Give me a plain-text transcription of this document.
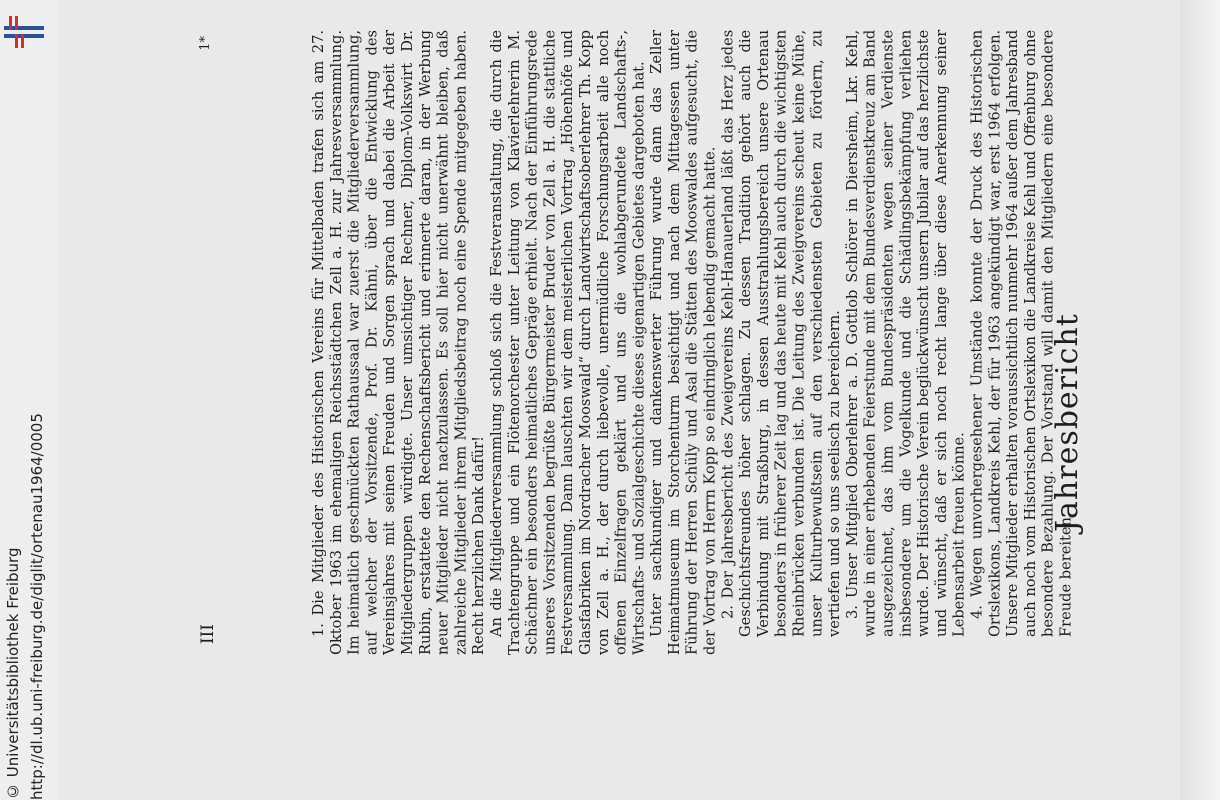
http://dl.ub.uni-freiburg.de/diglit/ortenau1964/0005
© Universitätsbibliothek Freiburg
Jahresbericht

1. Die Mitglieder des Historischen Vereins für Mittelbaden trafen sich am 27. Oktober 1963 im ehemaligen Reichsstädtchen Zell a. H. zur Jahresversammlung. Im heimatlich geschmückten Rathaussaal war zuerst die Mitgliederversammlung, auf welcher der Vorsitzende, Prof. Dr. Kähni, über die Entwicklung des Vereinsjahres mit seinen Freuden und Sorgen sprach und dabei die Arbeit der Mitgliedergruppen würdigte. Unser umsichtiger Rechner, Diplom-Volkswirt Dr. Rubin, erstattete den Rechenschaftsbericht und erinnerte daran, in der Werbung neuer Mitglieder nicht nachzulassen. Es soll hier nicht unerwähnt bleiben, daß zahlreiche Mitglieder ihrem Mitgliedsbeitrag noch eine Spende mitgegeben haben. Recht herzlichen Dank dafür! An die Mitgliederversammlung schloß sich die Festveranstaltung, die durch die Trachtengruppe und ein Flötenorchester unter Leitung von Klavierlehrerin M. Schächner ein besonders heimatliches Gepräge erhielt. Nach der Einführungsrede unseres Vorsitzenden begrüßte Bürgermeister Bruder von Zell a. H. die stattliche Festversammlung. Dann lauschten wir dem meisterlichen Vortrag „Höhenhöfe und Glasfabriken im Nordracher Mooswald“ durch Landwirtschaftsoberlehrer Th. Kopp von Zell a. H., der durch liebevolle, unermüdliche Forschungsarbeit alle noch offenen Einzelfragen geklärt und uns die wohlabgerundete Landschafts-, Wirtschafts- und Sozialgeschichte dieses eigenartigen Gebietes dargeboten hat. Unter sachkundiger und dankenswerter Führung wurde dann das Zeller Heimatmuseum im Storchenturm besichtigt und nach dem Mittagessen unter Führung der Herren Schüly und Asal die Stätten des Mooswaldes aufgesucht, die der Vortrag von Herrn Kopp so eindringlich lebendig gemacht hatte. 2. Der Jahresbericht des Zweigvereins Kehl-Hanauerland läßt das Herz jedes Geschichtsfreundes höher schlagen. Zu dessen Tradition gehört auch die Verbindung mit Straßburg, in dessen Ausstrahlungsbereich unsere Ortenau besonders in früherer Zeit lag und das heute mit Kehl auch durch die wichtigsten Rheinbrücken verbunden ist. Die Leitung des Zweigvereins scheut keine Mühe, unser Kulturbewußtsein auf den verschiedensten Gebieten zu fördern, zu vertiefen und so uns seelisch zu bereichern. 3. Unser Mitglied Oberlehrer a. D. Gottlob Schlörer in Diersheim, Lkr. Kehl, wurde in einer erhebenden Feierstunde mit dem Bundesverdienstkreuz am Band ausgezeichnet, das ihm vom Bundespräsidenten wegen seiner Verdienste insbesondere um die Vogelkunde und die Schädlingsbekämpfung verliehen wurde. Der Historische Verein beglückwünscht unsern Jubilar auf das herzlichste und wünscht, daß er sich noch recht lange über diese Anerkennung seiner Lebensarbeit freuen könne. 4. Wegen unvorhergesehener Umstände konnte der Druck des Historischen Ortslexikons, Landkreis Kehl, der für 1963 angekündigt war, erst 1964 erfolgen. Unsere Mitglieder erhalten voraussichtlich nunmehr 1964 außer dem Jahresband auch noch vom Historischen Ortslexikon die Landkreise Kehl und Offenburg ohne besondere Bezahlung. Der Vorstand will damit den Mitgliedern eine besondere Freude bereiten.

1*
III
